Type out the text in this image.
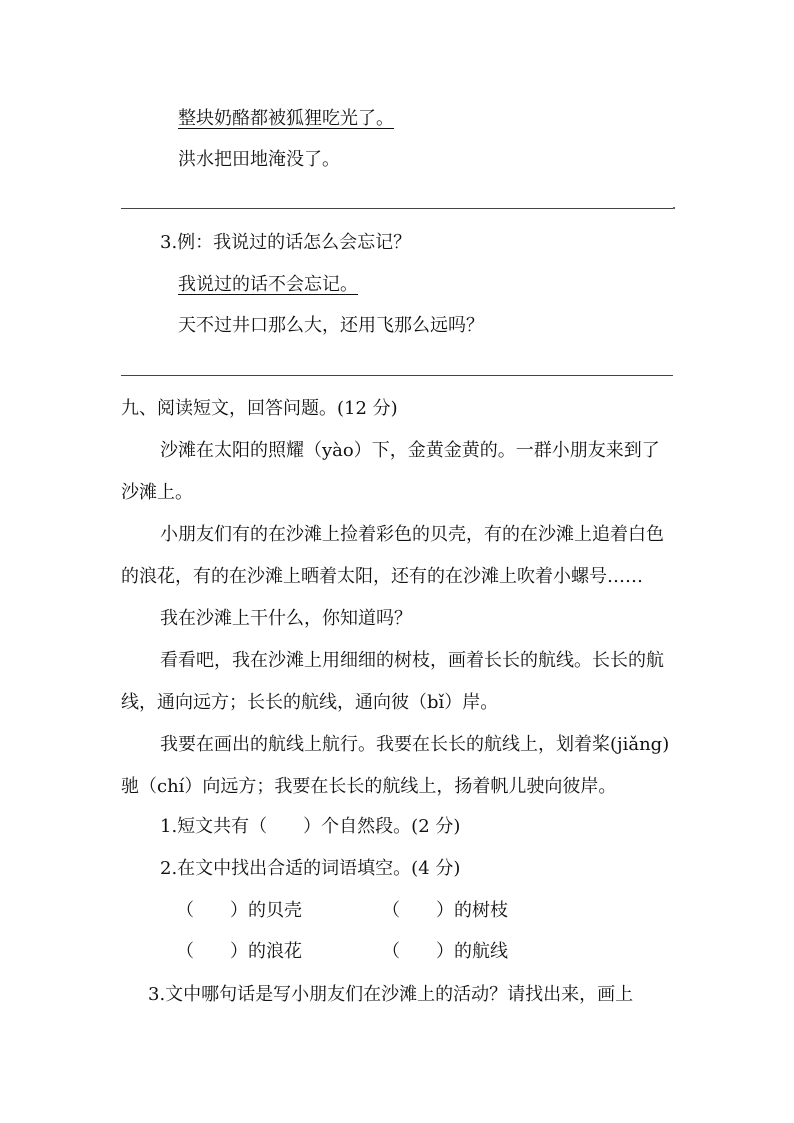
整块奶酪都被狐狸吃光了。
洪水把田地淹没了。
3.例：我说过的话怎么会忘记？
我说过的话不会忘记。
天不过井口那么大，还用飞那么远吗？
九、阅读短文，回答问题。(12 分)
沙滩在太阳的照耀（yào）下，金黄金黄的。一群小朋友来到了
沙滩上。
小朋友们有的在沙滩上捡着彩色的贝壳，有的在沙滩上追着白色
的浪花，有的在沙滩上晒着太阳，还有的在沙滩上吹着小螺号……
我在沙滩上干什么，你知道吗？
看看吧，我在沙滩上用细细的树枝，画着长长的航线。长长的航
线，通向远方；长长的航线，通向彼（bǐ）岸。
我要在画出的航线上航行。我要在长长的航线上，划着桨(jiǎng)
驰（chí）向远方；我要在长长的航线上，扬着帆儿驶向彼岸。
1.短文共有（　　）个自然段。(2 分)
2.在文中找出合适的词语填空。(4 分)
（　　）的贝壳	（　　）的树枝
（　　）的浪花	（　　）的航线
3.文中哪句话是写小朋友们在沙滩上的活动？请找出来，画上
